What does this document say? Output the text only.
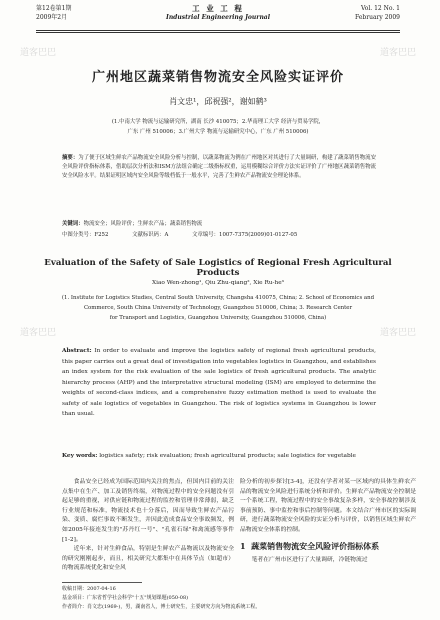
第12卷第1期
2009年2月
工 业 工 程
Industrial Engineering Journal
Vol. 12 No. 1
February 2009
广州地区蔬菜销售物流安全风险实证评价
肖文忠¹，邱祝强²，谢如鹤³
(1.中南大学 物流与运输研究所，湖南 长沙 410075；2.华南理工大学 经济与贸易学院，
广东 广州 510006；3.广州大学 物流与运输研究中心，广东 广州 510006)
摘要：为了便于区域生鲜农产品物流安全风险分析与控制，以蔬菜物流为例在广州地区对其进行了大量调研，构建了蔬菜销售物流安全风险评价指标体系，借助层次分析法和ISM方法组合确定二级指标权重，运用模糊综合评价方法实证评价了广州地区蔬菜销售物流安全风险水平。结果证明区域内安全风险等级档低于一般水平，完善了生鲜农产品物流安全理论体系。
关键词：物流安全；风险评价；生鲜农产品；蔬菜销售物流
中图分类号：F252	文献标识码：A	文章编号：1007-7375(2009)01-0127-05
Evaluation of the Safety of Sale Logistics of Regional Fresh Agricultural Products
Xiao Wen-zhong¹, Qiu Zhu-qiang², Xie Ru-he³
(1. Institute for Logistics Studies, Central South University, Changsha 410075, China; 2. School of Economics and
Commerce, South China University of Technology, Guangzhou 510006, China; 3. Research Center
for Transport and Logistics, Guangzhou University, Guangzhou 510006, China)
Abstract: In order to evaluate and improve the logistics safety of regional fresh agricultural products, this paper carries out a great deal of investigation into vegetables logistics in Guangzhou, and establishes an index system for the risk evaluation of the sale logistics of fresh agricultural products. The analytic hierarchy process (AHP) and the interpretative structural modeling (ISM) are employed to determine the weights of second-class indices, and a comprehensive fuzzy estimation method is used to evaluate the safety of sale logistics of vegetables in Guangzhou. The risk of logistics systems in Guangzhou is lower than usual.
Key words: logistics safety; risk evaluation; fresh agricultural products; sale logistics for vegetable
食品安全已经成为国际范围内关注的焦点，但国内目前的关注点集中在生产、加工及销售终端，对物流过程中的安全问题没有引起足够的重视，对供应链和物流过程的监控和管理非常薄弱，缺乏行业规范和标准，物流技术也十分落后，因而导致生鲜农产品污染、变质、腐烂事故不断发生，并因此造成食品安全事故频发，例如2005年接连发生的"苏丹红一号"、"孔雀石绿"和禽流感等事件[1-2]。
近年来，针对生鲜食品，特别是生鲜农产品物流以及物流安全的研究刚刚起步，而且，相关研究大都集中在具体节点（如超市）的物流系统优化和安全风
险分析的初步探讨[3-4]，还没有学者对某一区域内的具体生鲜农产品的物流安全风险进行系统分析和评价。生鲜农产品物流安全控制是一个系统工程，物流过程中的安全事故复杂多样，安全事故控制涉及事前预防、事中监控和事后控制等问题。本文结合广州市区的实际调研，进行蔬菜物流安全风险的实证分析与评价，以销售区域生鲜农产品物流安全体系的控制。
1 蔬菜销售物流安全风险评价指标体系
笔者在广州市区进行了大量调研，冷链物流过
收稿日期：2007-04-16
基金项目：广东省哲学社会科学"十五"规划课题(050-08)
作者简介：肖文忠(1969-)，男，湖南省人，博士研究生，主要研究方向为物流系统工程。
道客巴巴	道客巴巴
道客巴巴	道客巴巴
